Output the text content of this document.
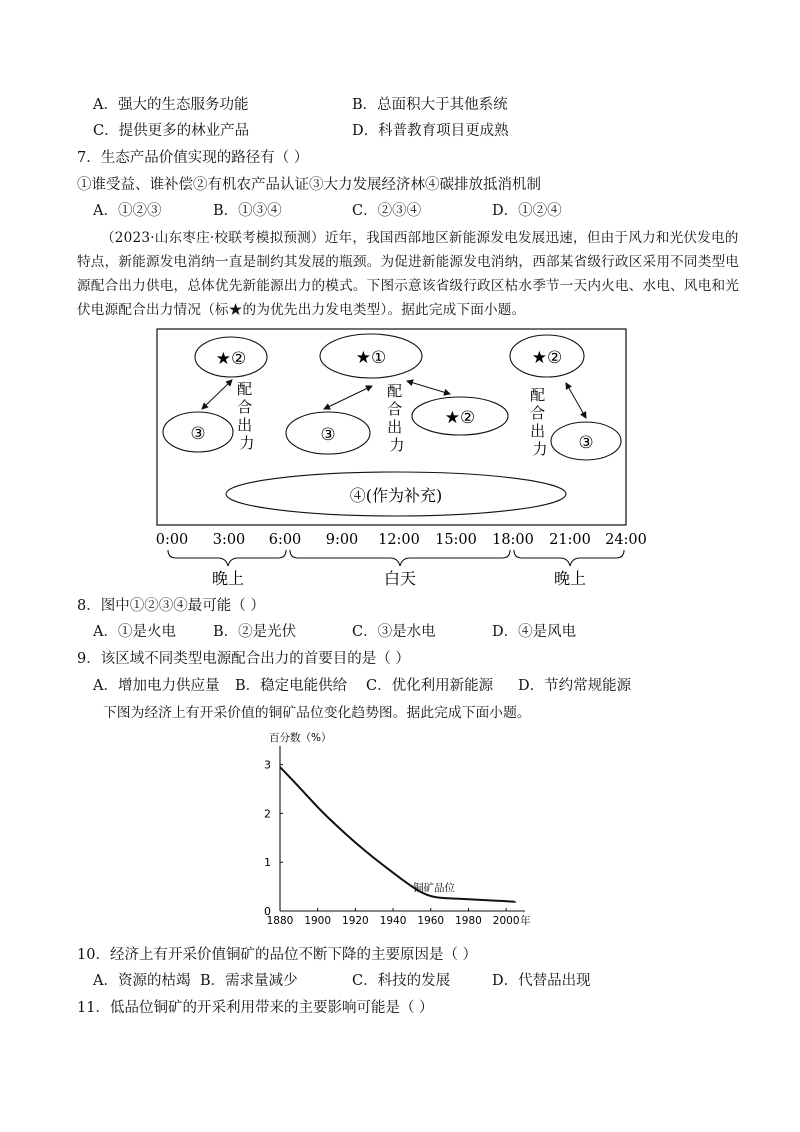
A．强大的生态服务功能	B．总面积大于其他系统
C．提供更多的林业产品	D．科普教育项目更成熟
7．生态产品价值实现的路径有（ ）
①谁受益、谁补偿②有机农产品认证③大力发展经济林④碳排放抵消机制
A．①②③	B．①③④	C．②③④	D．①②④
（2023·山东枣庄·校联考模拟预测）近年，我国西部地区新能源发电发展迅速，但由于风力和光伏发电的特点，新能源发电消纳一直是制约其发展的瓶颈。为促进新能源发电消纳，西部某省级行政区采用不同类型电源配合出力供电，总体优先新能源出力的模式。下图示意该省级行政区枯水季节一天内火电、水电、风电和光伏电源配合出力情况（标★的为优先出力发电类型）。据此完成下面小题。
★②
③
配 合 出 力
★①
③
★②
配 合 出 力
★②
③
配 合 出 力
④(作为补充)
0:00 3:00 6:00 9:00 12:00 15:00 18:00 21:00 24:00
晚上	白天	晚上
8．图中①②③④最可能（ ）
A．①是火电	B．②是光伏	C．③是水电	D．④是风电
9．该区域不同类型电源配合出力的首要目的是（ ）
A．增加电力供应量 B．稳定电能供给 C．优化利用新能源 D．节约常规能源
下图为经济上有开采价值的铜矿品位变化趋势图。据此完成下面小题。
百分数（%）
1880 1900 1920 1940 1960 1980 2000 年
0
1
2
3
铜矿品位
10．经济上有开采价值铜矿的品位不断下降的主要原因是（ ）
A．资源的枯竭 B．需求量减少	C．科技的发展	D．代替品出现
11．低品位铜矿的开采利用带来的主要影响可能是（ ）
